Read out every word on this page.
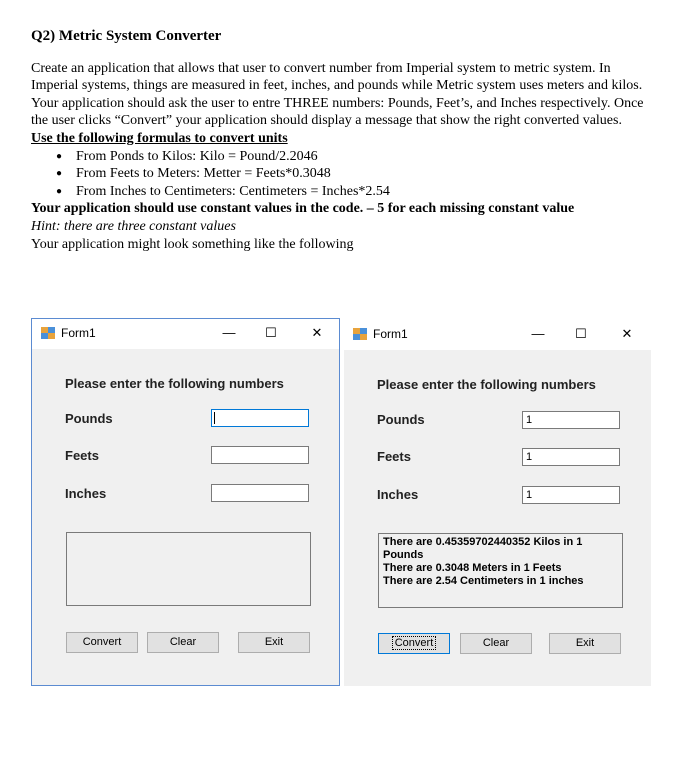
Q2) Metric System Converter

Create an application that allows that user to convert number from Imperial system to metric system. In Imperial systems, things are measured in feet, inches, and pounds while Metric system uses meters and kilos. Your application should ask the user to entre THREE numbers: Pounds, Feet’s, and Inches respectively. Once the user clicks “Convert” your application should display a message that show the right converted values.

Use the following formulas to convert units

● From Ponds to Kilos: Kilo = Pound/2.2046
● From Feets to Meters: Metter = Feets*0.3048
● From Inches to Centimeters: Centimeters = Inches*2.54

Your application should use constant values in the code. – 5 for each missing constant value

Hint: there are three constant values

Your application might look something like the following

Form1	—	☐	✕
Please enter the following numbers
Pounds
Feets
Inches
Convert	Clear	Exit
Form1	—	☐	✕
Please enter the following numbers
Pounds	1
Feets	1
Inches	1
There are 0.45359702440352 Kilos in 1 Pounds
There are 0.3048 Meters in 1 Feets
There are 2.54 Centimeters in 1 inches
Convert	Clear	Exit
